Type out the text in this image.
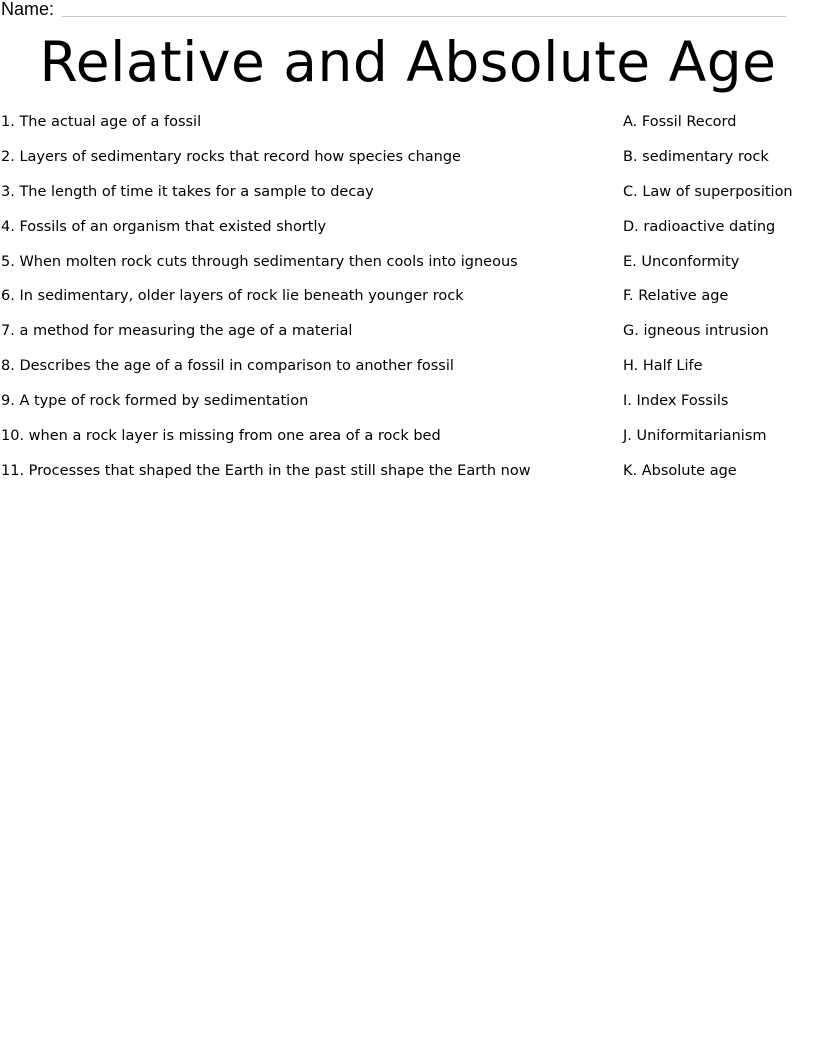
Name:
Relative and Absolute Age
1. The actual age of a fossil
2. Layers of sedimentary rocks that record how species change
3. The length of time it takes for a sample to decay
4. Fossils of an organism that existed shortly
5. When molten rock cuts through sedimentary then cools into igneous
6. In sedimentary, older layers of rock lie beneath younger rock
7. a method for measuring the age of a material
8. Describes the age of a fossil in comparison to another fossil
9. A type of rock formed by sedimentation
10. when a rock layer is missing from one area of a rock bed
11. Processes that shaped the Earth in the past still shape the Earth now
A. Fossil Record
B. sedimentary rock
C. Law of superposition
D. radioactive dating
E. Unconformity
F. Relative age
G. igneous intrusion
H. Half Life
I. Index Fossils
J. Uniformitarianism
K. Absolute age
